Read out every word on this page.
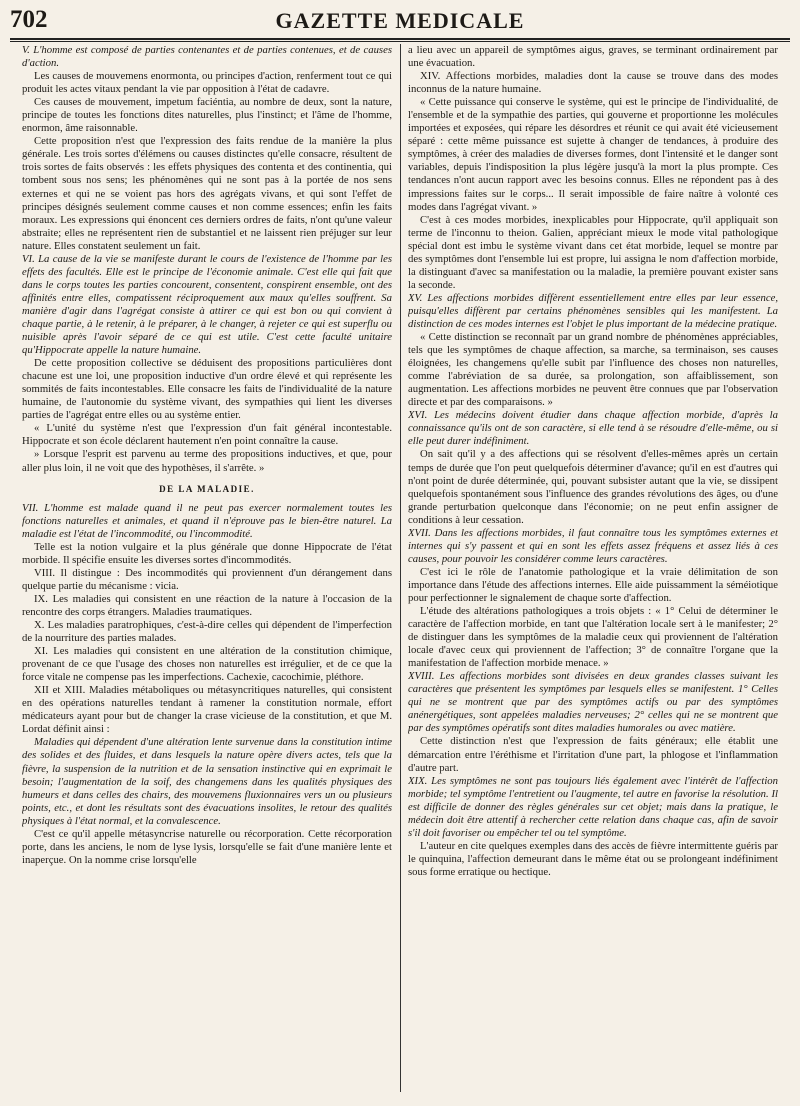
702	GAZETTE MEDICALE

V. L'homme est composé de parties contenantes et de parties contenues, et de causes d'action.

Les causes de mouvemens enormonta, ou principes d'action, renferment tout ce qui produit les actes vitaux pendant la vie par opposition à l'état de cadavre.

Ces causes de mouvement, impetum faciéntia, au nombre de deux, sont la nature, principe de toutes les fonctions dites naturelles, plus l'instinct; et l'âme de l'homme, enormon, âme raisonnable.

Cette proposition n'est que l'expression des faits rendue de la manière la plus générale. Les trois sortes d'élémens ou causes distinctes qu'elle consacre, résultent de trois sortes de faits observés : les effets physiques des contenta et des continentia, qui tombent sous nos sens; les phénomènes qui ne sont pas à la portée de nos sens externes et qui ne se voient pas hors des agrégats vivans, et qui sont l'effet de principes désignés seulement comme causes et non comme essences; enfin les faits moraux. Les expressions qui énoncent ces derniers ordres de faits, n'ont qu'une valeur abstraite; elles ne représentent rien de substantiel et ne laissent rien préjuger sur leur nature. Elles constatent seulement un fait.

VI. La cause de la vie se manifeste durant le cours de l'existence de l'homme par les effets des facultés. Elle est le principe de l'économie animale. C'est elle qui fait que dans le corps toutes les parties concourent, consentent, conspirent ensemble, ont des affinités entre elles, compatissent réciproquement aux maux qu'elles souffrent. Sa manière d'agir dans l'agrégat consiste à attirer ce qui est bon ou qui convient à chaque partie, à le retenir, à le préparer, à le changer, à rejeter ce qui est superflu ou nuisible après l'avoir séparé de ce qui est utile. C'est cette faculté unitaire qu'Hippocrate appelle la nature humaine.

De cette proposition collective se déduisent des propositions particulières dont chacune est une loi, une proposition inductive d'un ordre élevé et qui représente les sommités de faits incontestables. Elle consacre les faits de l'individualité de la nature humaine, de l'autonomie du système vivant, des sympathies qui lient les diverses parties de l'agrégat entre elles ou au système entier.

« L'unité du système n'est que l'expression d'un fait général incontestable. Hippocrate et son école déclarent hautement n'en point connaître la cause.

» Lorsque l'esprit est parvenu au terme des propositions inductives, et que, pour aller plus loin, il ne voit que des hypothèses, il s'arrête. »

DE LA MALADIE.

VII. L'homme est malade quand il ne peut pas exercer normalement toutes les fonctions naturelles et animales, et quand il n'éprouve pas le bien-être naturel. La maladie est l'état de l'incommodité, ou l'incommodité.

Telle est la notion vulgaire et la plus générale que donne Hippocrate de l'état morbide. Il spécifie ensuite les diverses sortes d'incommodités.

VIII. Il distingue : Des incommodités qui proviennent d'un dérangement dans quelque partie du mécanisme : vicia.

IX. Les maladies qui consistent en une réaction de la nature à l'occasion de la rencontre des corps étrangers. Maladies traumatiques.

X. Les maladies paratrophiques, c'est-à-dire celles qui dépendent de l'imperfection de la nourriture des parties malades.

XI. Les maladies qui consistent en une altération de la constitution chimique, provenant de ce que l'usage des choses non naturelles est irrégulier, et de ce que la force vitale ne compense pas les imperfections. Cachexie, cacochimie, pléthore.

XII et XIII. Maladies métaboliques ou métasyncritiques naturelles, qui consistent en des opérations naturelles tendant à ramener la constitution normale, effort médicateurs ayant pour but de changer la crase vicieuse de la constitution, et que M. Lordat définit ainsi :

Maladies qui dépendent d'une altération lente survenue dans la constitution intime des solides et des fluides, et dans lesquels la nature opère divers actes, tels que la fièvre, la suspension de la nutrition et de la sensation instinctive qui en exprimait le besoin; l'augmentation de la soif, des changemens dans les qualités physiques des humeurs et dans celles des chairs, des mouvemens fluxionnaires vers un ou plusieurs points, etc., et dont les résultats sont des évacuations insolites, le retour des qualités physiques à l'état normal, et la convalescence.

C'est ce qu'il appelle métasyncrise naturelle ou récorporation. Cette récorporation porte, dans les anciens, le nom de lyse lysis, lorsqu'elle se fait d'une manière lente et inaperçue. On la nomme crise lorsqu'elle

a lieu avec un appareil de symptômes aigus, graves, se terminant ordinairement par une évacuation.

XIV. Affections morbides, maladies dont la cause se trouve dans des modes inconnus de la nature humaine.

« Cette puissance qui conserve le système, qui est le principe de l'individualité, de l'ensemble et de la sympathie des parties, qui gouverne et proportionne les molécules importées et exposées, qui répare les désordres et réunit ce qui avait été vicieusement séparé : cette même puissance est sujette à changer de tendances, à produire des symptômes, à créer des maladies de diverses formes, dont l'intensité et le danger sont variables, depuis l'indisposition la plus légère jusqu'à la mort la plus prompte. Ces tendances n'ont aucun rapport avec les besoins connus. Elles ne répondent pas à des impressions faites sur le corps... Il serait impossible de faire naître à volonté ces modes dans l'agrégat vivant. »

C'est à ces modes morbides, inexplicables pour Hippocrate, qu'il appliquait son terme de l'inconnu to theion. Galien, appréciant mieux le mode vital pathologique spécial dont est imbu le système vivant dans cet état morbide, lequel se montre par des symptômes dont l'ensemble lui est propre, lui assigna le nom d'affection morbide, la distinguant d'avec sa manifestation ou la maladie, la première pouvant exister sans la seconde.

XV. Les affections morbides diffèrent essentiellement entre elles par leur essence, puisqu'elles diffèrent par certains phénomènes sensibles qui les manifestent. La distinction de ces modes internes est l'objet le plus important de la médecine pratique.

« Cette distinction se reconnaît par un grand nombre de phénomènes appréciables, tels que les symptômes de chaque affection, sa marche, sa terminaison, ses causes éloignées, les changemens qu'elle subit par l'influence des choses non naturelles, comme l'abréviation de sa durée, sa prolongation, son affaiblissement, son augmentation. Les affections morbides ne peuvent être connues que par l'observation directe et par des comparaisons. »

XVI. Les médecins doivent étudier dans chaque affection morbide, d'après la connaissance qu'ils ont de son caractère, si elle tend à se résoudre d'elle-même, ou si elle peut durer indéfiniment.

On sait qu'il y a des affections qui se résolvent d'elles-mêmes après un certain temps de durée que l'on peut quelquefois déterminer d'avance; qu'il en est d'autres qui n'ont point de durée déterminée, qui, pouvant subsister autant que la vie, se dissipent quelquefois spontanément sous l'influence des grandes révolutions des âges, ou d'une grande perturbation quelconque dans l'économie; on ne peut enfin assigner de conditions à leur cessation.

XVII. Dans les affections morbides, il faut connaître tous les symptômes externes et internes qui s'y passent et qui en sont les effets assez fréquens et assez liés à ces causes, pour pouvoir les considérer comme leurs caractères.

C'est ici le rôle de l'anatomie pathologique et la vraie délimitation de son importance dans l'étude des affections internes. Elle aide puissamment la séméiotique pour perfectionner le signalement de chaque sorte d'affection.

L'étude des altérations pathologiques a trois objets : « 1° Celui de déterminer le caractère de l'affection morbide, en tant que l'altération locale sert à le manifester; 2° de distinguer dans les symptômes de la maladie ceux qui proviennent de l'altération locale d'avec ceux qui proviennent de l'affection; 3° de connaître l'organe que la manifestation de l'affection morbide menace. »

XVIII. Les affections morbides sont divisées en deux grandes classes suivant les caractères que présentent les symptômes par lesquels elles se manifestent. 1° Celles qui ne se montrent que par des symptômes actifs ou par des symptômes anénergétiques, sont appelées maladies nerveuses; 2° celles qui ne se montrent que par des symptômes opératifs sont dites maladies humorales ou avec matière.

Cette distinction n'est que l'expression de faits généraux; elle établit une démarcation entre l'éréthisme et l'irritation d'une part, la phlogose et l'inflammation d'autre part.

XIX. Les symptômes ne sont pas toujours liés également avec l'intérêt de l'affection morbide; tel symptôme l'entretient ou l'augmente, tel autre en favorise la résolution. Il est difficile de donner des règles générales sur cet objet; mais dans la pratique, le médecin doit être attentif à rechercher cette relation dans chaque cas, afin de savoir s'il doit favoriser ou empêcher tel ou tel symptôme.

L'auteur en cite quelques exemples dans des accès de fièvre intermittente guéris par le quinquina, l'affection demeurant dans le même état ou se prolongeant indéfiniment sous forme erratique ou hectique.
